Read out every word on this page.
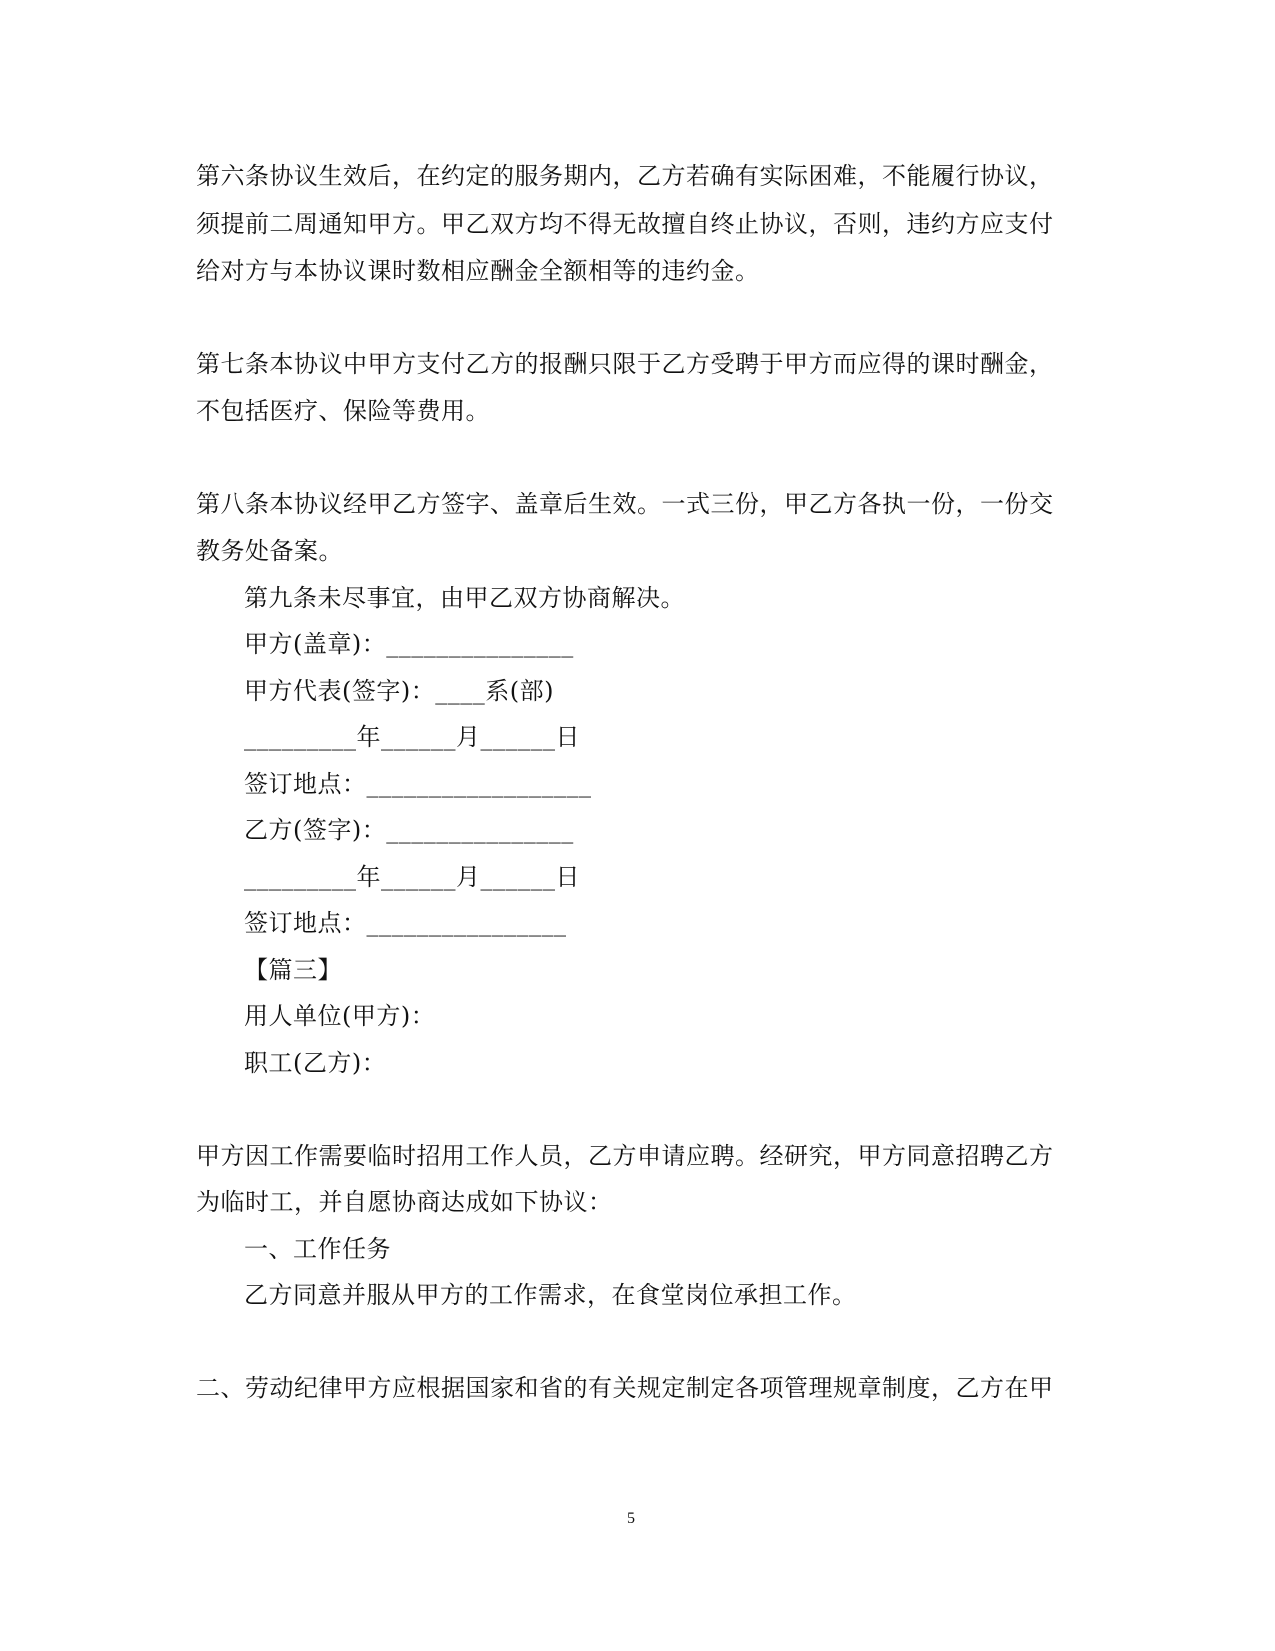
第六条协议生效后，在约定的服务期内，乙方若确有实际困难，不能履行协议，
须提前二周通知甲方。甲乙双方均不得无故擅自终止协议，否则，违约方应支付
给对方与本协议课时数相应酬金全额相等的违约金。
第七条本协议中甲方支付乙方的报酬只限于乙方受聘于甲方而应得的课时酬金，
不包括医疗、保险等费用。
第八条本协议经甲乙方签字、盖章后生效。一式三份，甲乙方各执一份，一份交
教务处备案。
第九条未尽事宜，由甲乙双方协商解决。
甲方(盖章)：_______________
甲方代表(签字)：____系(部)
_________年______月______日
签订地点：__________________
乙方(签字)：_______________
_________年______月______日
签订地点：________________
【篇三】
用人单位(甲方)：
职工(乙方)：
甲方因工作需要临时招用工作人员，乙方申请应聘。经研究，甲方同意招聘乙方
为临时工，并自愿协商达成如下协议：
一、工作任务
乙方同意并服从甲方的工作需求，在食堂岗位承担工作。
二、劳动纪律甲方应根据国家和省的有关规定制定各项管理规章制度，乙方在甲
5
